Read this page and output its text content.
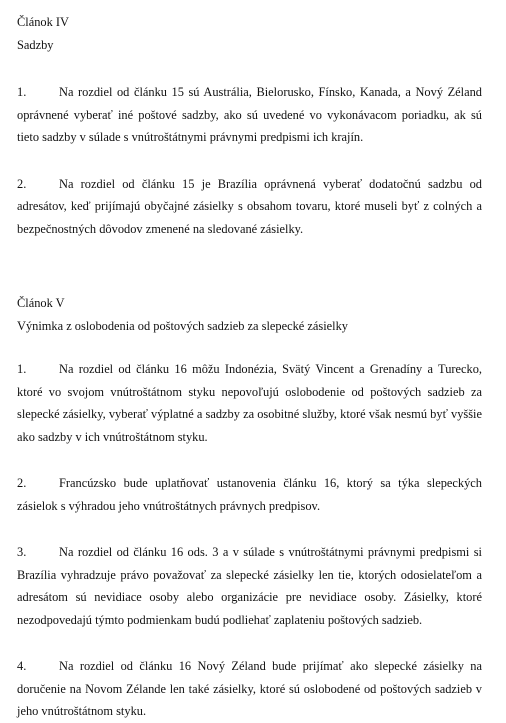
Článok IV

Sadzby

1.	Na rozdiel od článku 15 sú Austrália, Bielorusko, Fínsko, Kanada, a Nový Zéland oprávnené vyberať iné poštové sadzby, ako sú uvedené vo vykonávacom poriadku, ak sú tieto sadzby v súlade s vnútroštátnymi právnymi predpismi ich krajín.

2.	Na rozdiel od článku 15 je Brazília oprávnená vyberať dodatočnú sadzbu od adresátov, keď prijímajú obyčajné zásielky s obsahom tovaru, ktoré museli byť z colných a bezpečnostných dôvodov zmenené na sledované zásielky.

Článok V

Výnimka z oslobodenia od poštových sadzieb za slepecké zásielky

1.	Na rozdiel od článku 16 môžu Indonézia, Svätý Vincent a Grenadíny a Turecko, ktoré vo svojom vnútroštátnom styku nepovoľujú oslobodenie od poštových sadzieb za slepecké zásielky, vyberať výplatné a sadzby za osobitné služby, ktoré však nesmú byť vyššie ako sadzby v ich vnútroštátnom styku.

2.	Francúzsko bude uplatňovať ustanovenia článku 16, ktorý sa týka slepeckých zásielok s výhradou jeho vnútroštátnych právnych predpisov.

3.	Na rozdiel od článku 16 ods. 3 a v súlade s vnútroštátnymi právnymi predpismi si Brazília vyhradzuje právo považovať za slepecké zásielky len tie, ktorých odosielateľom a adresátom sú nevidiace osoby alebo organizácie pre nevidiace osoby. Zásielky, ktoré nezodpovedajú týmto podmienkam budú podliehať zaplateniu poštových sadzieb.

4.	Na rozdiel od článku 16 Nový Zéland bude prijímať ako slepecké zásielky na doručenie na Novom Zélande len také zásielky, ktoré sú oslobodené od poštových sadzieb v jeho vnútroštátnom styku.
